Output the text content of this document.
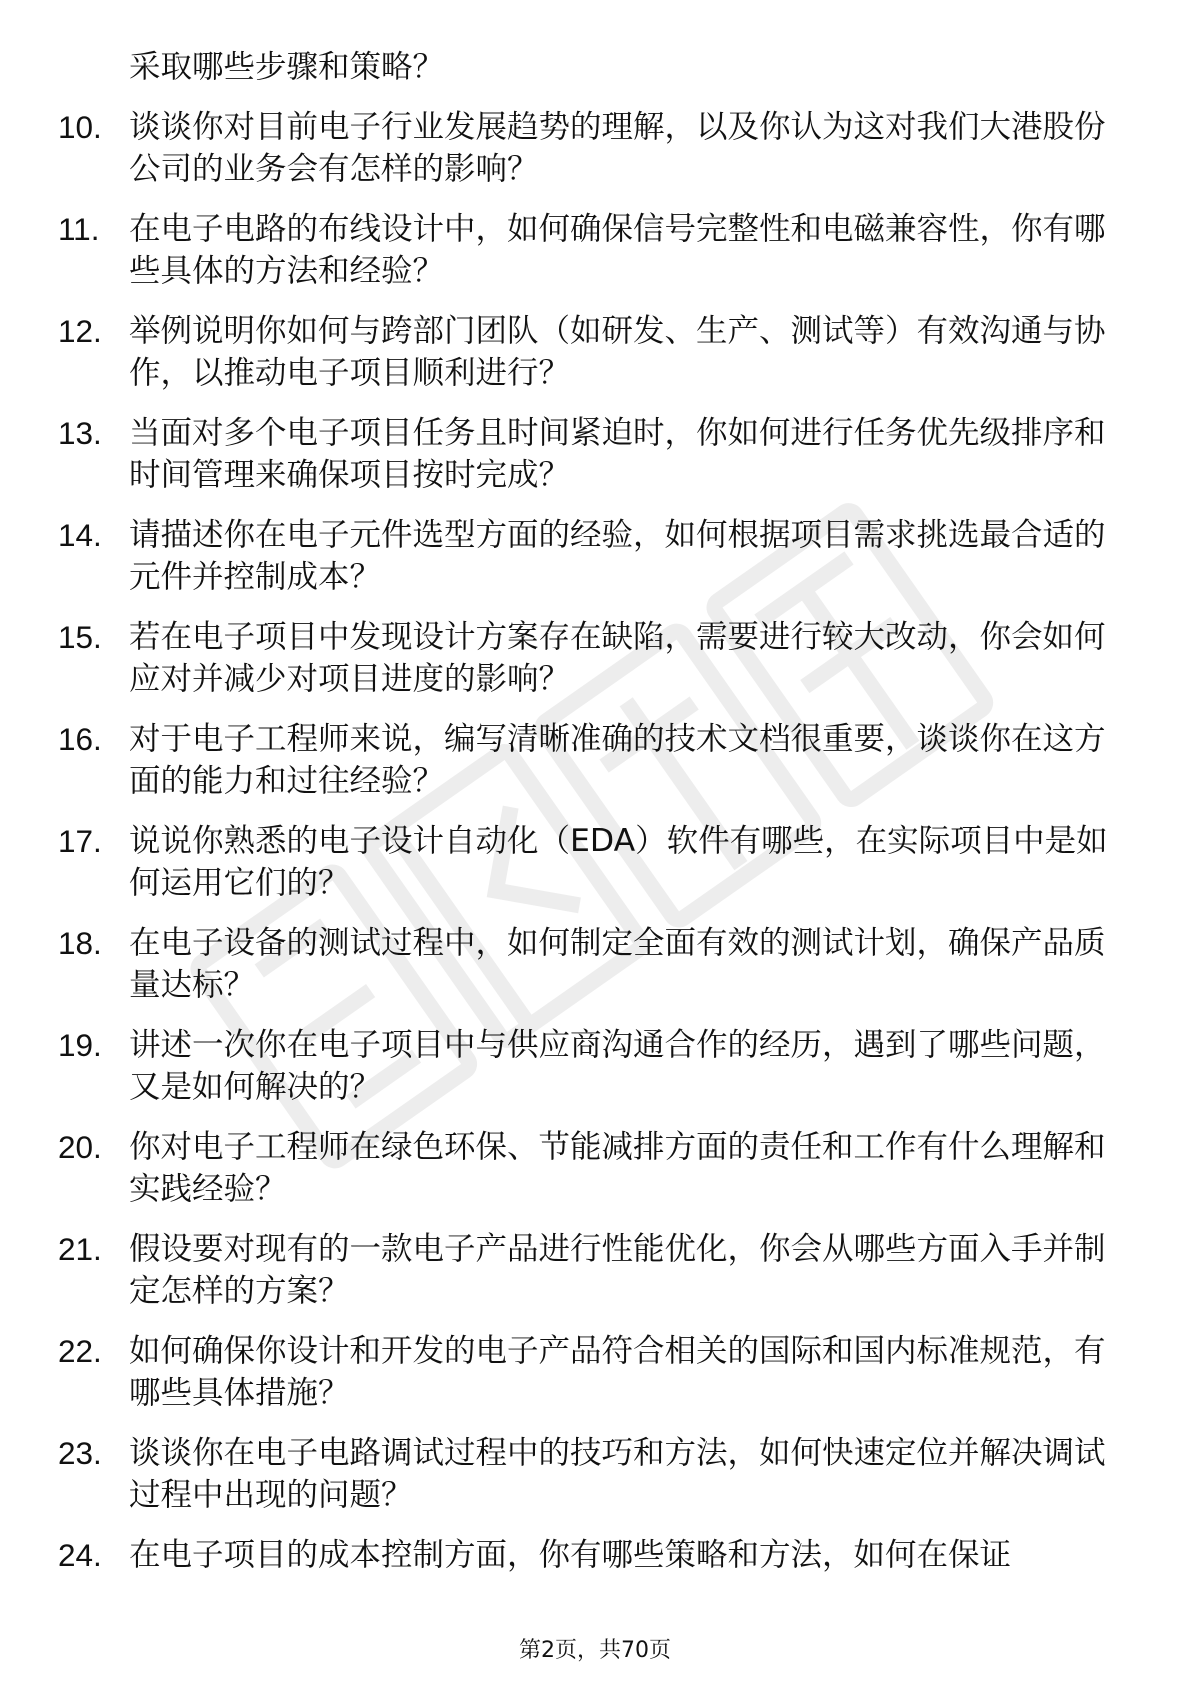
采取哪些步骤和策略？
10. 谈谈你对目前电子行业发展趋势的理解，以及你认为这对我们大港股份公司的业务会有怎样的影响？
11. 在电子电路的布线设计中，如何确保信号完整性和电磁兼容性，你有哪些具体的方法和经验？
12. 举例说明你如何与跨部门团队（如研发、生产、测试等）有效沟通与协作，以推动电子项目顺利进行？
13. 当面对多个电子项目任务且时间紧迫时，你如何进行任务优先级排序和时间管理来确保项目按时完成？
14. 请描述你在电子元件选型方面的经验，如何根据项目需求挑选最合适的元件并控制成本？
15. 若在电子项目中发现设计方案存在缺陷，需要进行较大改动，你会如何应对并减少对项目进度的影响？
16. 对于电子工程师来说，编写清晰准确的技术文档很重要，谈谈你在这方面的能力和过往经验？
17. 说说你熟悉的电子设计自动化（EDA）软件有哪些，在实际项目中是如何运用它们的？
18. 在电子设备的测试过程中，如何制定全面有效的测试计划，确保产品质量达标？
19. 讲述一次你在电子项目中与供应商沟通合作的经历，遇到了哪些问题，又是如何解决的？
20. 你对电子工程师在绿色环保、节能减排方面的责任和工作有什么理解和实践经验？
21. 假设要对现有的一款电子产品进行性能优化，你会从哪些方面入手并制定怎样的方案？
22. 如何确保你设计和开发的电子产品符合相关的国际和国内标准规范，有哪些具体措施？
23. 谈谈你在电子电路调试过程中的技巧和方法，如何快速定位并解决调试过程中出现的问题？
24. 在电子项目的成本控制方面，你有哪些策略和方法，如何在保证
第2页，共70页
